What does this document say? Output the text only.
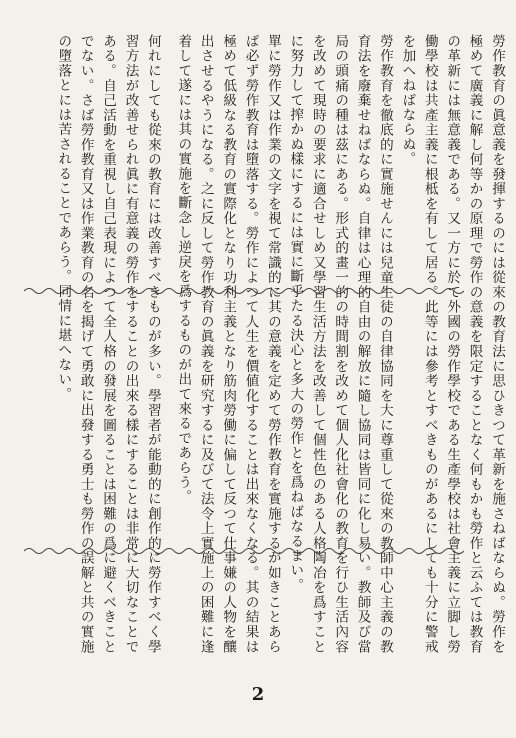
勞作教育の眞意義を發揮するのには從來の教育法に思ひきつて革新を施さねばならぬ。勞作を極めて廣義に解し何等かの原理で勞作の意義を限定することなく何もかも勞作と云ふては教育の革新には無意義である。又一方に於て外國の勞作學校である生產學校は社會主義に立脚し勞働學校は共產主義に根柢を有して居る。此等には參考とすべきものがあるにしても十分に警戒を加へねばならぬ。

勞作教育を徹底的に實施せんには兒童生徒の自律協同を大に尊重して從來の教師中心主義の教育法を廢棄せねばならぬ。自律は心理的自由の解放に隨し協同は皆同に化し易い。教師及び當局の頭痛の種は茲にある。形式的畫一的の時間割を改めて個人化社會化の教育を行ひ生活內容を改めて現時の要求に適合せしめ又學習生活方法を改善して個性色のある人格陶冶を爲すことに努力して搾かぬ樣にするには實に斷乎たる決心と多大の勞作とを爲ねばなるまい。

單に勞作又は作業の文字を視て常識的に其の意義を定めて勞作教育を實施するが如きことあらば必ず勞作教育は墮落する。勞作によつて人生を價値化することは出來なくなる。其の結果は極めて低級なる教育の實際化となり功利主義となり筋肉勞働に偏して反つて仕事嫌の人物を釀出させるやうになる。之に反して勞作教育の眞義を研究するに及びて法令上實施上の困難に逢着して遂には其の實施を斷念し逆戾を爲するものが出て來るであらう。

何れにしても從來の教育には改善すべきものが多い。學習者が能動的に創作的に勞作すべく學習方法が改善せられ眞に有意義の勞作をすることの出來る樣にすることは非常に大切なことである。自己活動を重視し自己表現によつて全人格の發展を圖ることは困難の爲に避くべきことでない。さば勞作教育又は作業教育の名を揭げて勇敢に出發する勇士も勞作の誤解と共の實施の墮落とには苦されることであらう。同情に堪へない。

2
